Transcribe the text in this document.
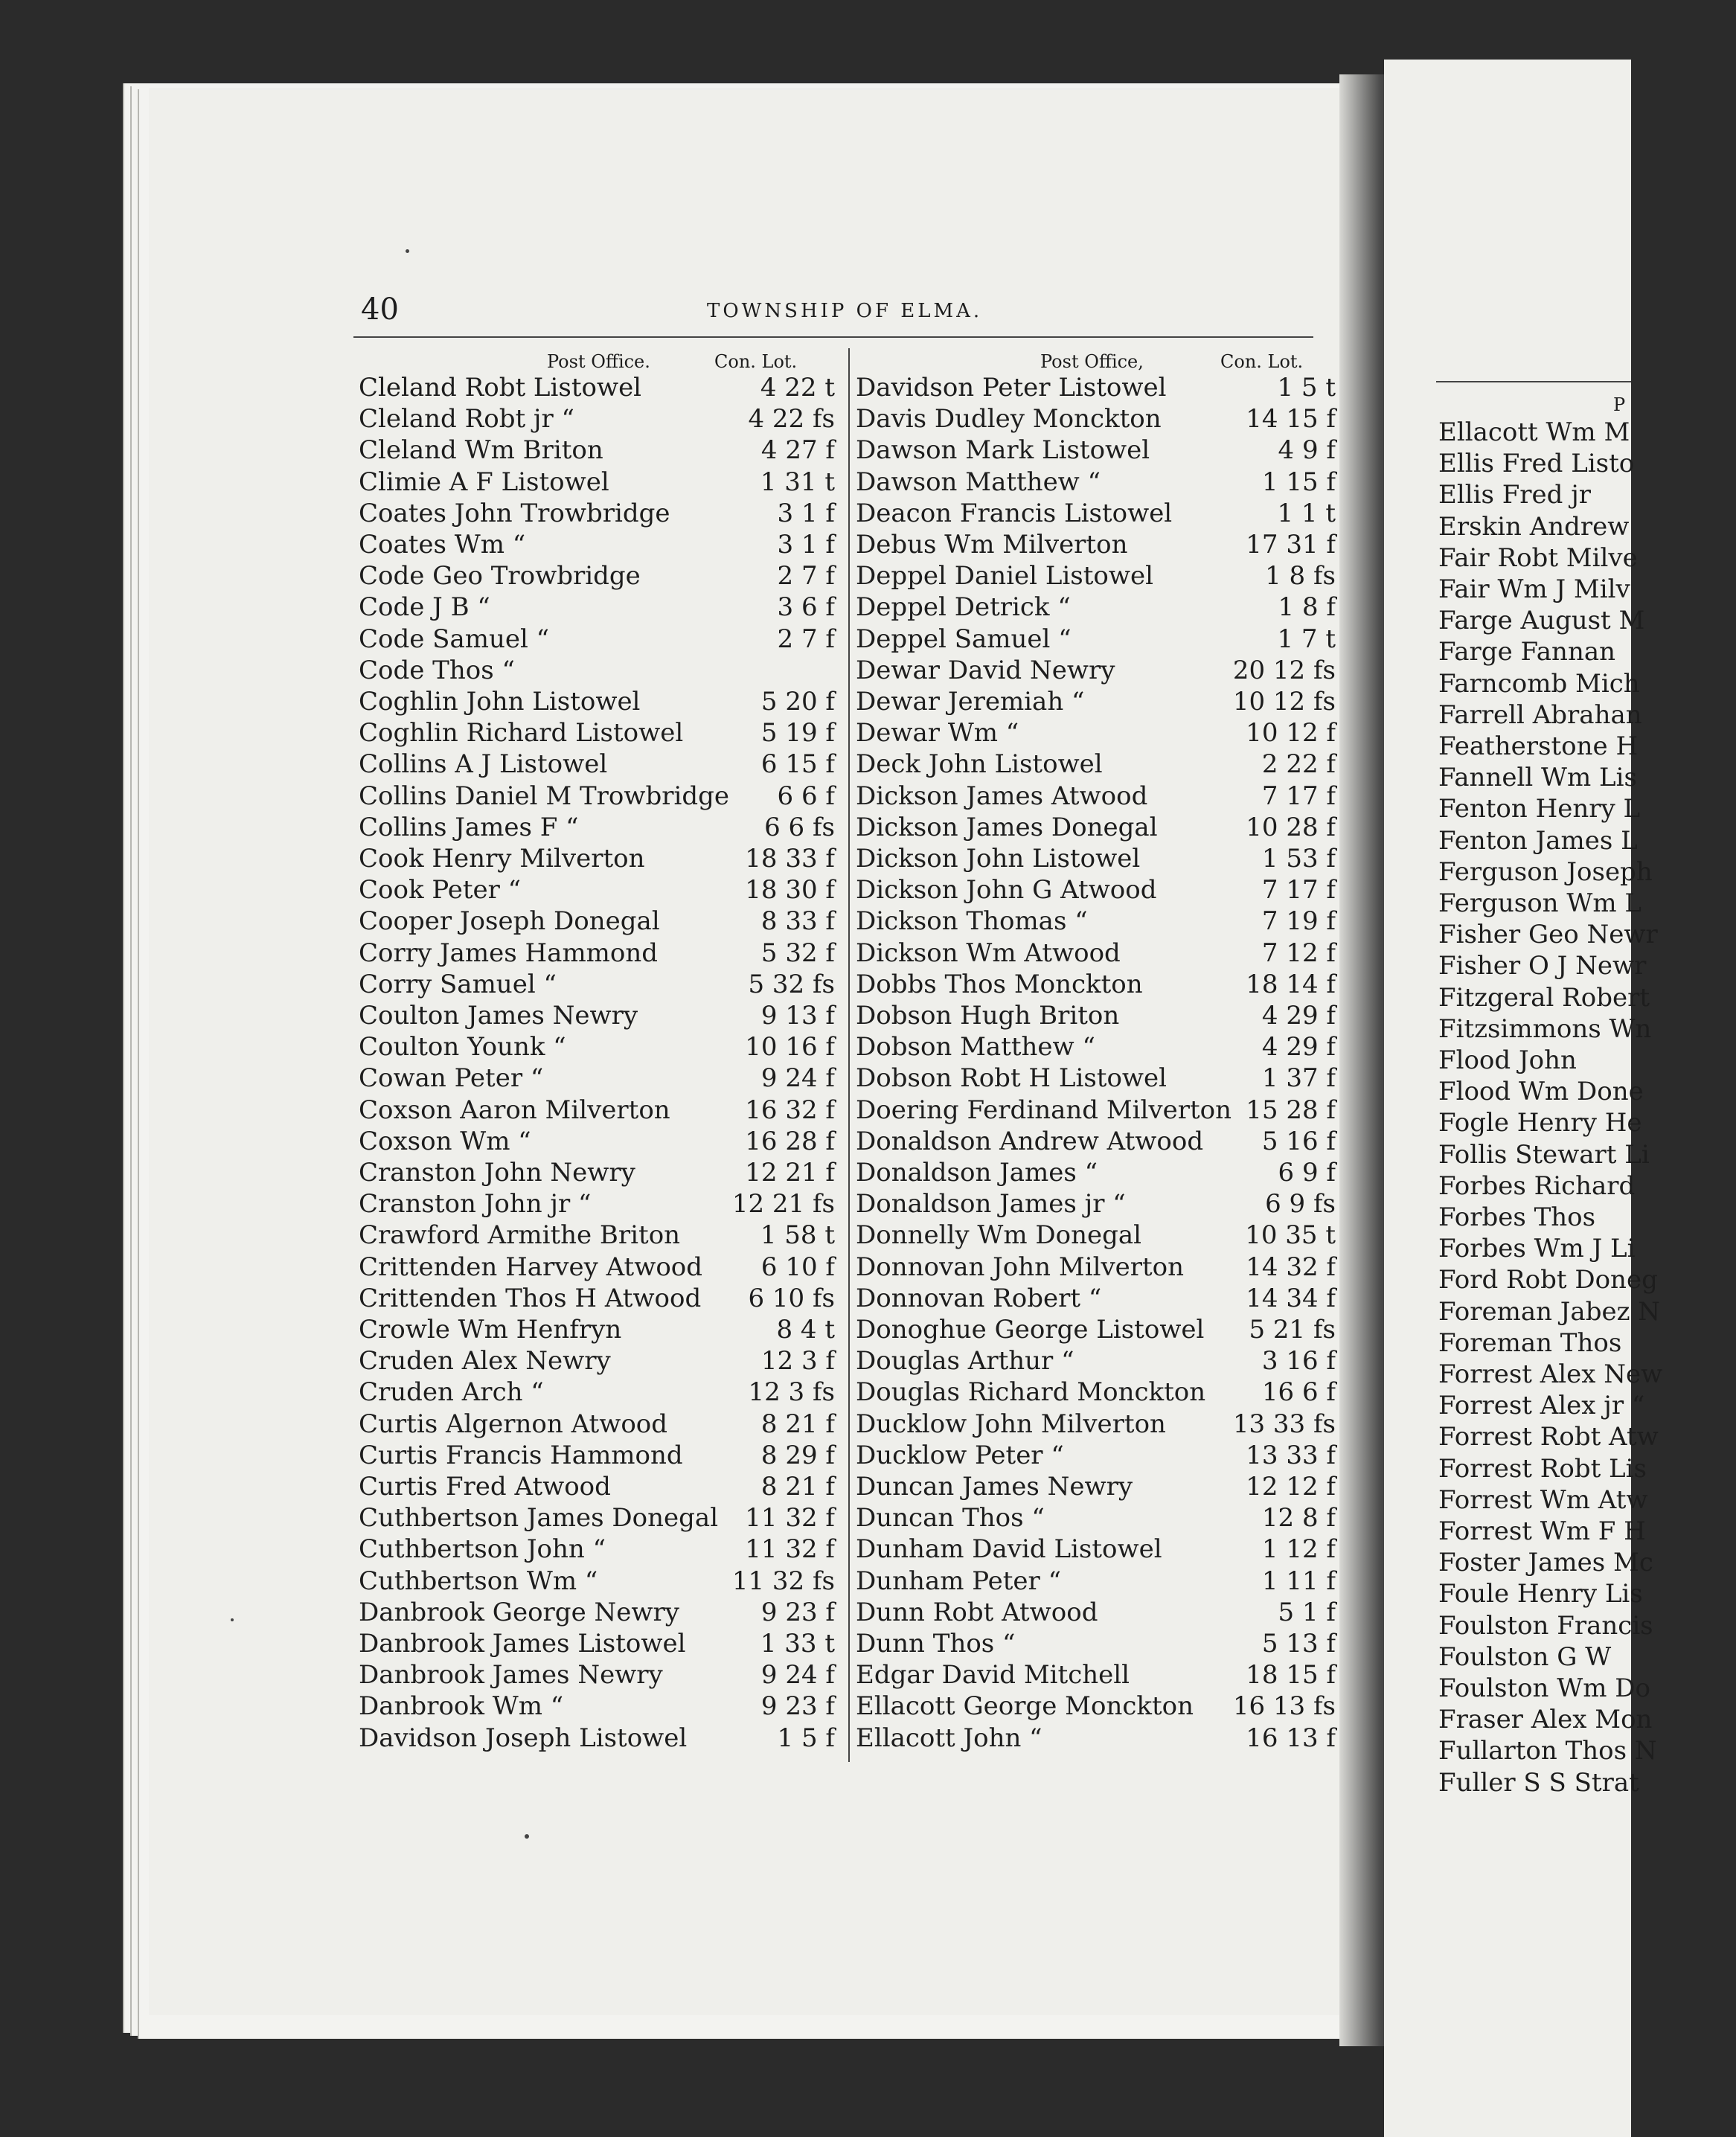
40	TOWNSHIP OF ELMA.
Post Office.	Con. Lot.	Post Office,	Con. Lot.
P
Cleland Robt Listowel	4 22 t
Cleland Robt jr “	4 22 fs
Cleland Wm Briton	4 27 f
Climie A F Listowel	1 31 t
Coates John Trowbridge	3 1 f
Coates Wm “	3 1 f
Code Geo Trowbridge	2 7 f
Code J B “	3 6 f
Code Samuel “	2 7 f
Code Thos “
Coghlin John Listowel	5 20 f
Coghlin Richard Listowel	5 19 f
Collins A J Listowel	6 15 f
Collins Daniel M Trowbridge 6 6 f
Collins James F “	6 6 fs
Cook Henry Milverton	18 33 f
Cook Peter “	18 30 f
Cooper Joseph Donegal	8 33 f
Corry James Hammond	5 32 f
Corry Samuel “	5 32 fs
Coulton James Newry	9 13 f
Coulton Younk “	10 16 f
Cowan Peter “	9 24 f
Coxson Aaron Milverton	16 32 f
Coxson Wm “	16 28 f
Cranston John Newry	12 21 f
Cranston John jr “	12 21 fs
Crawford Armithe Briton	1 58 t
Crittenden Harvey Atwood 6 10 f
Crittenden Thos H Atwood 6 10 fs
Crowle Wm Henfryn	8 4 t
Cruden Alex Newry	12 3 f
Cruden Arch “	12 3 fs
Curtis Algernon Atwood	8 21 f
Curtis Francis Hammond	8 29 f
Curtis Fred Atwood	8 21 f
Cuthbertson James Donegal 11 32 f
Cuthbertson John “	11 32 f
Cuthbertson Wm “	11 32 fs
Danbrook George Newry	9 23 f
Danbrook James Listowel	1 33 t
Danbrook James Newry	9 24 f
Danbrook Wm “	9 23 f
Davidson Joseph Listowel	1 5 f
Davidson Peter Listowel	1 5 t
Davis Dudley Monckton	14 15 f
Dawson Mark Listowel	4 9 f
Dawson Matthew “	1 15 f
Deacon Francis Listowel	1 1 t
Debus Wm Milverton	17 31 f
Deppel Daniel Listowel	1 8 fs
Deppel Detrick “	1 8 f
Deppel Samuel “	1 7 t
Dewar David Newry	20 12 fs
Dewar Jeremiah “	10 12 fs
Dewar Wm “	10 12 f
Deck John Listowel	2 22 f
Dickson James Atwood	7 17 f
Dickson James Donegal	10 28 f
Dickson John Listowel	1 53 f
Dickson John G Atwood	7 17 f
Dickson Thomas “	7 19 f
Dickson Wm Atwood	7 12 f
Dobbs Thos Monckton	18 14 f
Dobson Hugh Briton	4 29 f
Dobson Matthew “	4 29 f
Dobson Robt H Listowel	1 37 f
Doering Ferdinand Milverton 15 28 f
Donaldson Andrew Atwood 5 16 f
Donaldson James “	6 9 f
Donaldson James jr “	6 9 fs
Donnelly Wm Donegal	10 35 t
Donnovan John Milverton 14 32 f
Donnovan Robert “	14 34 f
Donoghue George Listowel 5 21 fs
Douglas Arthur “	3 16 f
Douglas Richard Monckton 16 6 f
Ducklow John Milverton	13 33 fs
Ducklow Peter “	13 33 f
Duncan James Newry	12 12 f
Duncan Thos “	12 8 f
Dunham David Listowel	1 12 f
Dunham Peter “	1 11 f
Dunn Robt Atwood	5 1 f
Dunn Thos “	5 13 f
Edgar David Mitchell	18 15 f
Ellacott George Monckton 16 13 fs
Ellacott John “	16 13 f
Ellacott Wm M
Ellis Fred Listo
Ellis Fred jr
Erskin Andrew
Fair Robt Milve
Fair Wm J Milv
Farge August M
Farge Fannan
Farncomb Mich
Farrell Abrahan
Featherstone H
Fannell Wm Lis
Fenton Henry L
Fenton James L
Ferguson Joseph
Ferguson Wm L
Fisher Geo Newr
Fisher O J Newr
Fitzgeral Robert
Fitzsimmons Wn
Flood John
Flood Wm Done
Fogle Henry He
Follis Stewart Li
Forbes Richard
Forbes Thos
Forbes Wm J Li
Ford Robt Doneg
Foreman Jabez N
Foreman Thos
Forrest Alex New
Forrest Alex jr “
Forrest Robt Atw
Forrest Robt Lis
Forrest Wm Atw
Forrest Wm F H
Foster James Mc
Foule Henry Lis
Foulston Francis
Foulston G W
Foulston Wm Do
Fraser Alex Mon
Fullarton Thos N
Fuller S S Strat
